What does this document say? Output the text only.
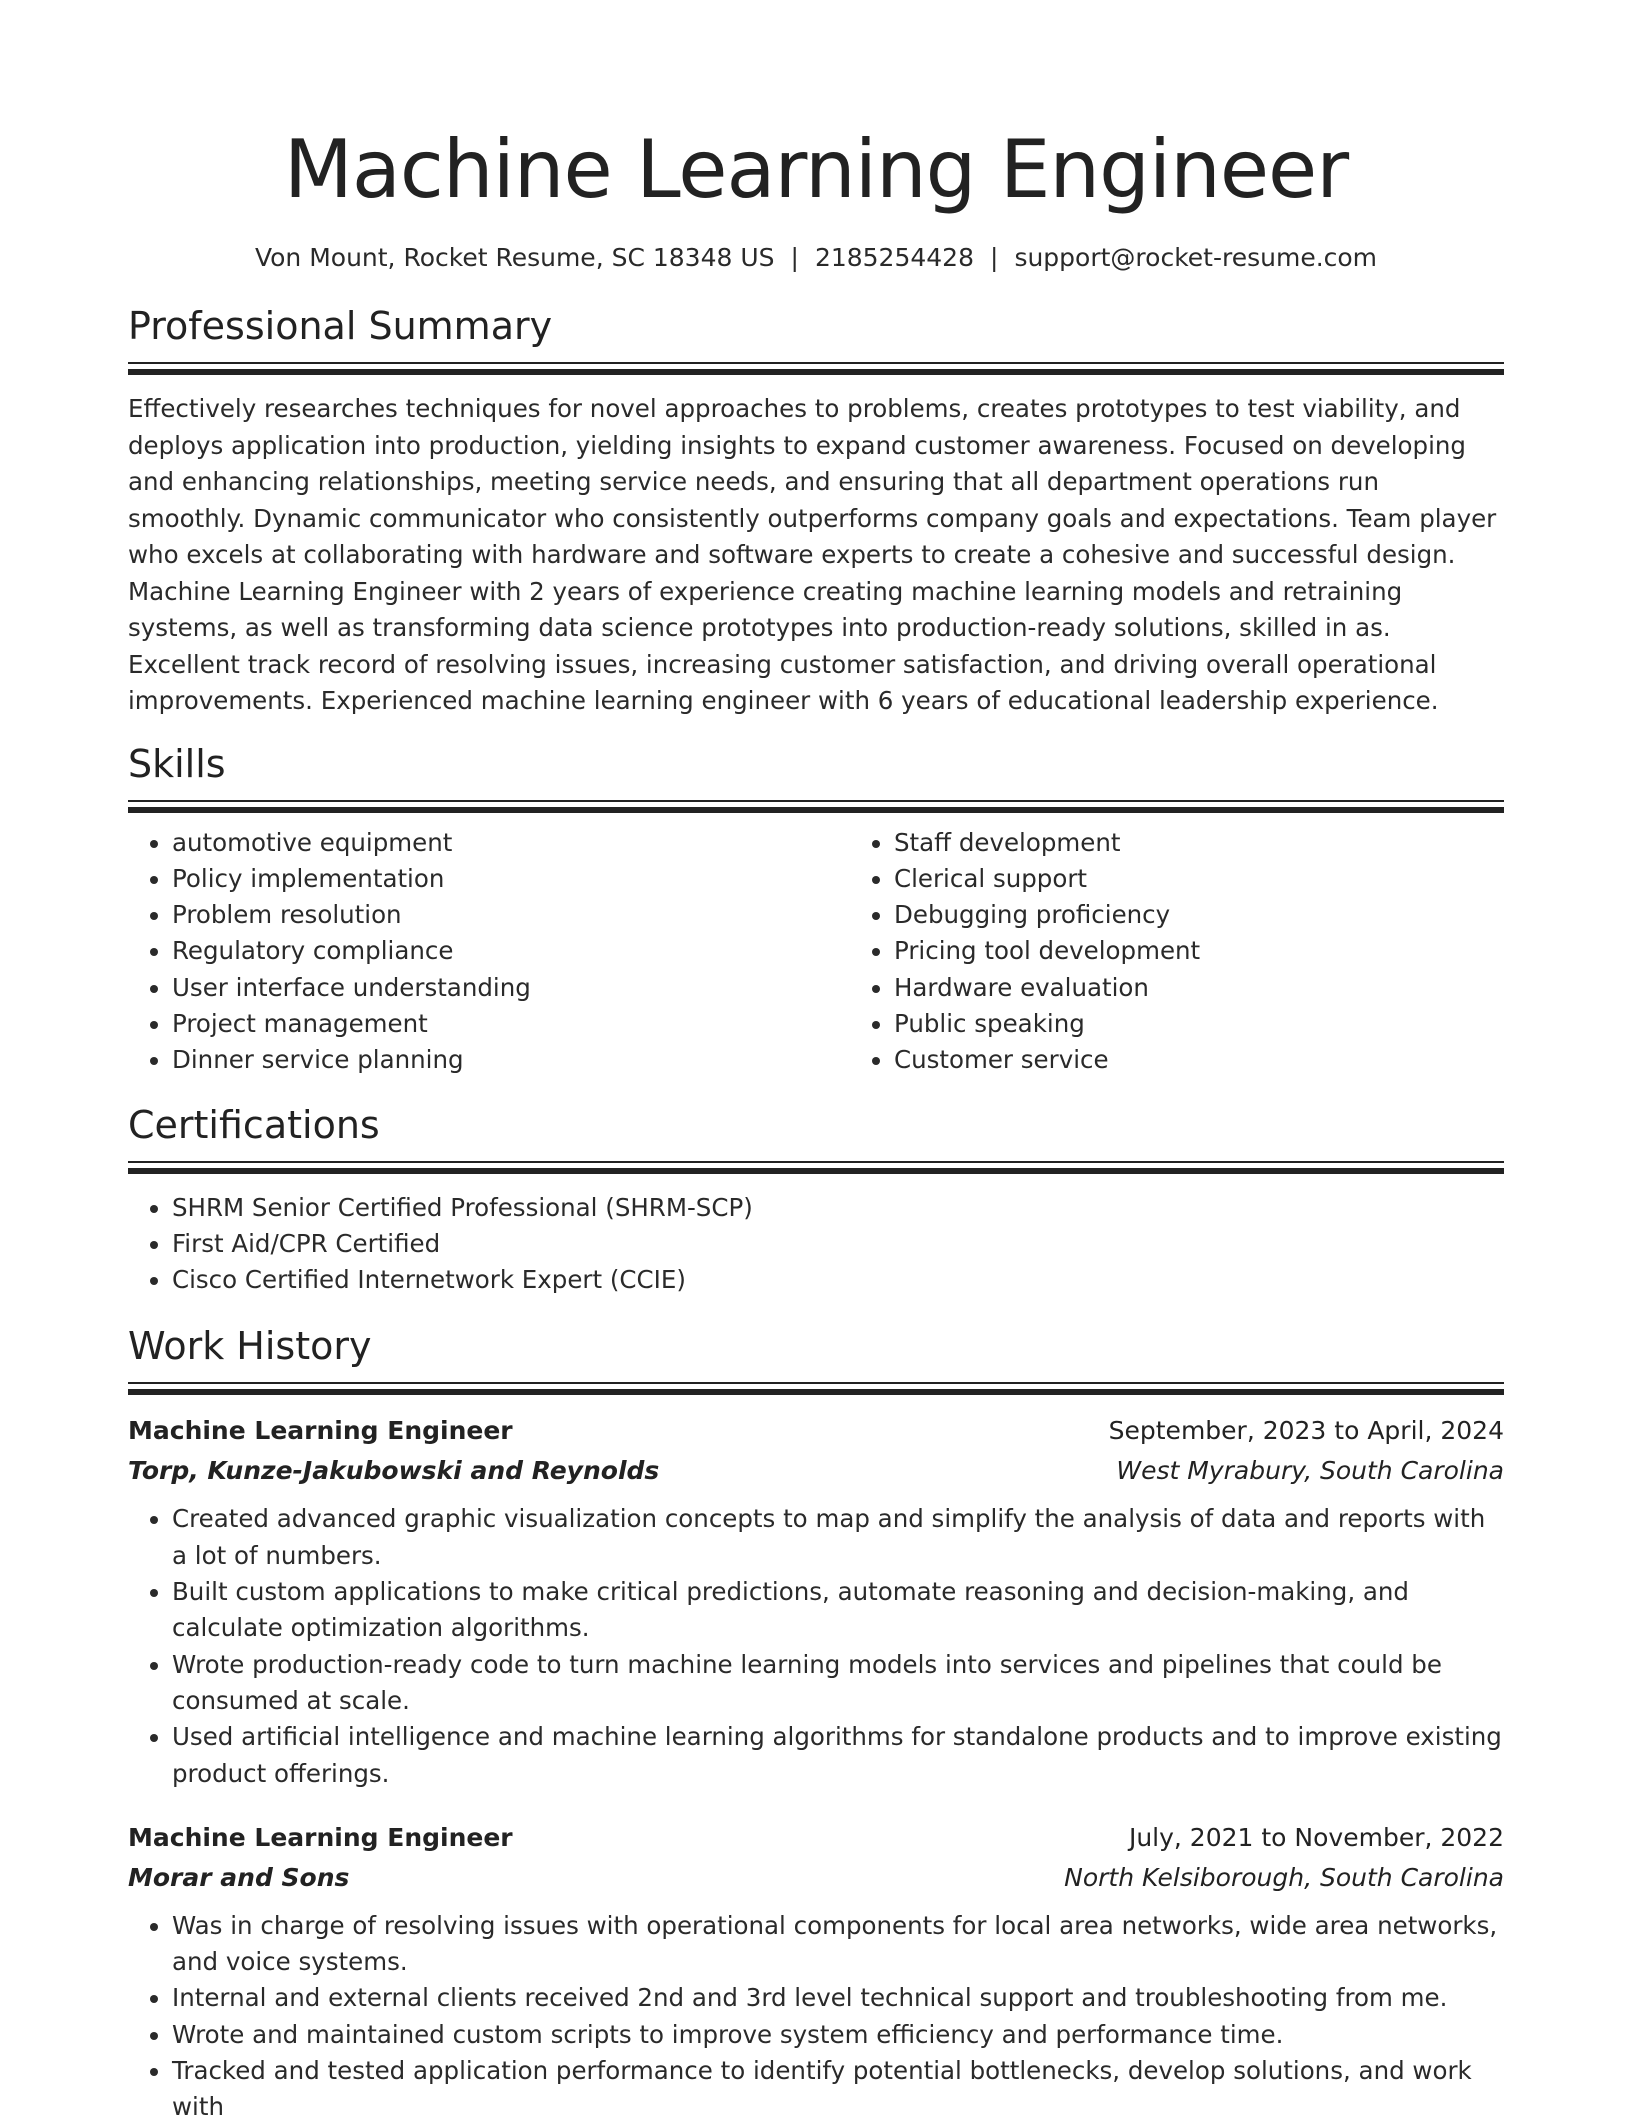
Machine Learning Engineer
Von Mount, Rocket Resume, SC 18348 US | 2185254428 | support@rocket-resume.com
Professional Summary

Effectively researches techniques for novel approaches to problems, creates prototypes to test viability, and deploys application into production, yielding insights to expand customer awareness. Focused on developing and enhancing relationships, meeting service needs, and ensuring that all department operations run smoothly. Dynamic communicator who consistently outperforms company goals and expectations. Team player who excels at collaborating with hardware and software experts to create a cohesive and successful design. Machine Learning Engineer with 2 years of experience creating machine learning models and retraining systems, as well as transforming data science prototypes into production-ready solutions, skilled in as. Excellent track record of resolving issues, increasing customer satisfaction, and driving overall operational improvements. Experienced machine learning engineer with 6 years of educational leadership experience.

Skills
• automotive equipment
• Policy implementation
• Problem resolution
• Regulatory compliance
• User interface understanding
• Project management
• Dinner service planning
• Staff development
• Clerical support
• Debugging proficiency
• Pricing tool development
• Hardware evaluation
• Public speaking
• Customer service
Certifications
• SHRM Senior Certified Professional (SHRM-SCP)
• First Aid/CPR Certified
• Cisco Certified Internetwork Expert (CCIE)
Work History
Machine Learning Engineer	September, 2023 to April, 2024
Torp, Kunze-Jakubowski and Reynolds	West Myrabury, South Carolina
• Created advanced graphic visualization concepts to map and simplify the analysis of data and reports with a lot of numbers.
• Built custom applications to make critical predictions, automate reasoning and decision-making, and calculate optimization algorithms.
• Wrote production-ready code to turn machine learning models into services and pipelines that could be consumed at scale.
• Used artificial intelligence and machine learning algorithms for standalone products and to improve existing product offerings.
Machine Learning Engineer	July, 2021 to November, 2022
Morar and Sons	North Kelsiborough, South Carolina
• Was in charge of resolving issues with operational components for local area networks, wide area networks, and voice systems.
• Internal and external clients received 2nd and 3rd level technical support and troubleshooting from me.
• Wrote and maintained custom scripts to improve system efficiency and performance time.
• Tracked and tested application performance to identify potential bottlenecks, develop solutions, and work with
